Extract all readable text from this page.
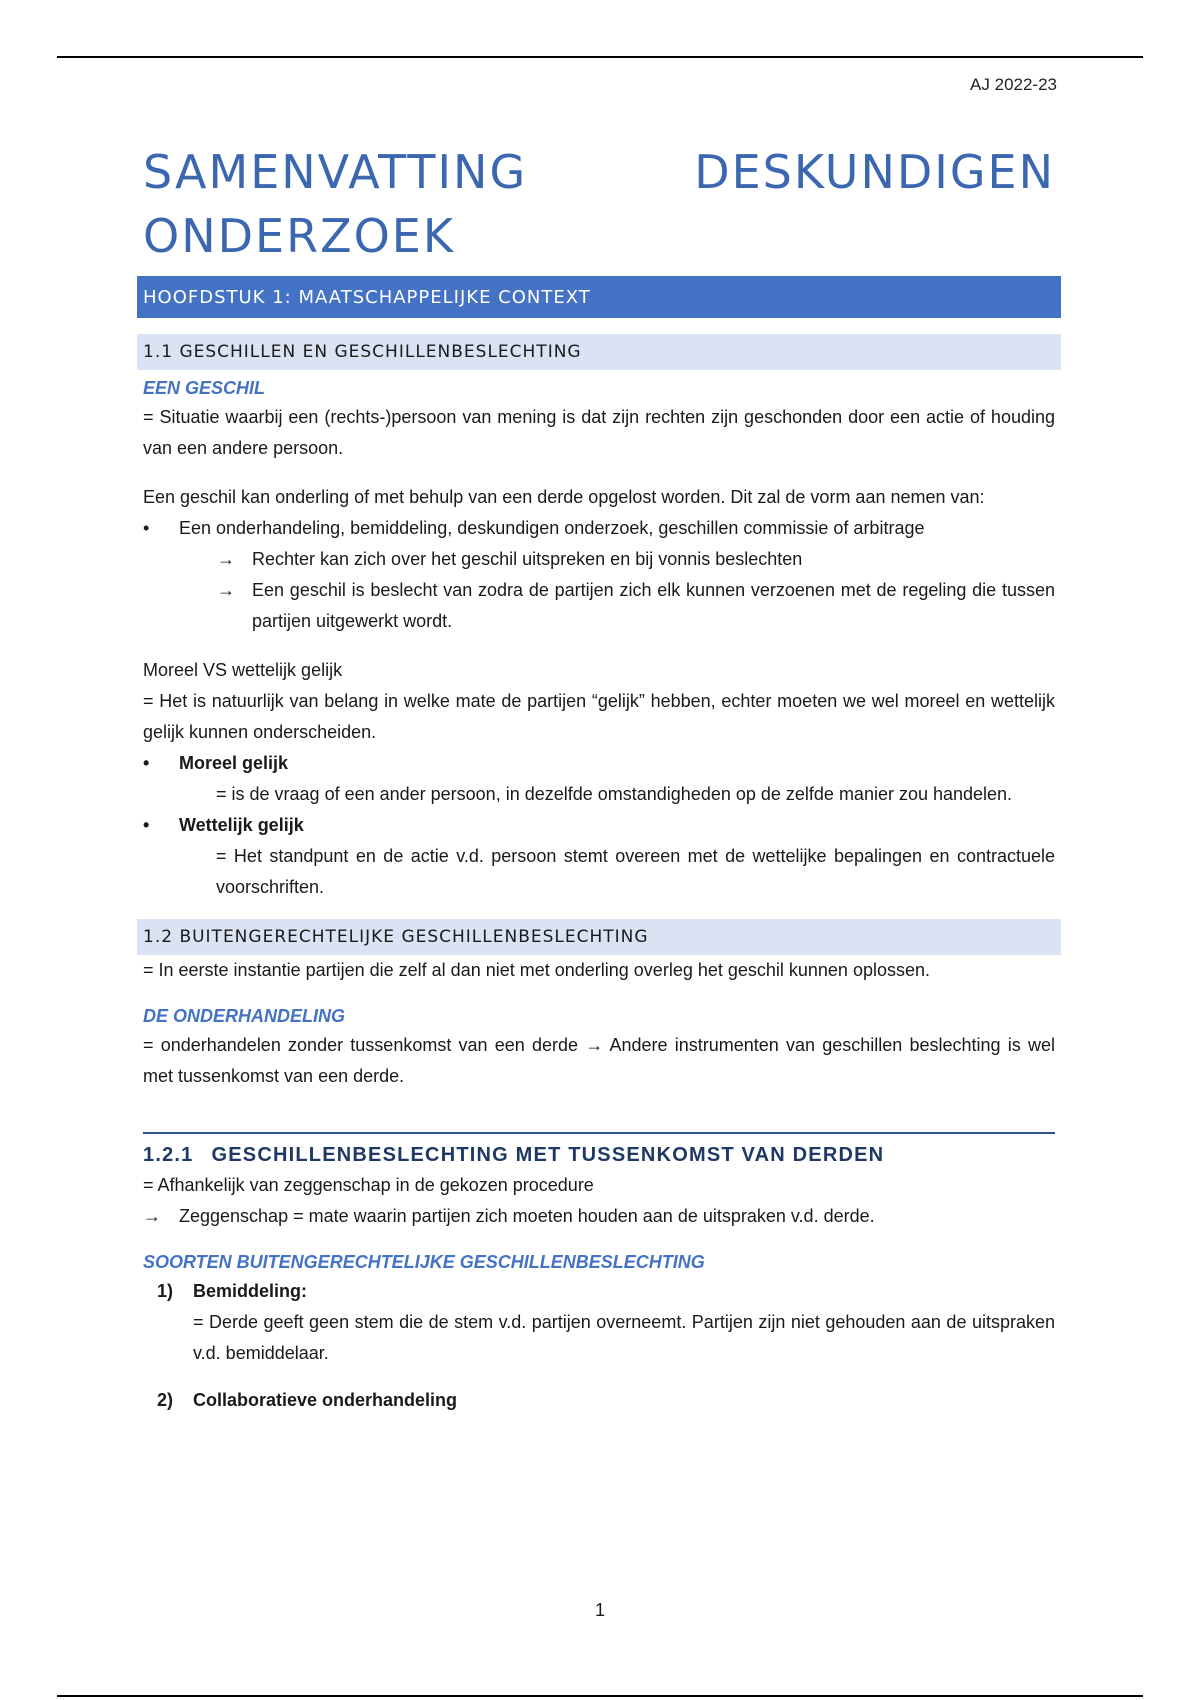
AJ 2022-23
SAMENVATTING DESKUNDIGEN ONDERZOEK
HOOFDSTUK 1: MAATSCHAPPELIJKE CONTEXT
1.1 GESCHILLEN EN GESCHILLENBESLECHTING
EEN GESCHIL

= Situatie waarbij een (rechts-)persoon van mening is dat zijn rechten zijn geschonden door een actie of houding van een andere persoon.

Een geschil kan onderling of met behulp van een derde opgelost worden. Dit zal de vorm aan nemen van:

• Een onderhandeling, bemiddeling, deskundigen onderzoek, geschillen commissie of arbitrage
→ Rechter kan zich over het geschil uitspreken en bij vonnis beslechten
→ Een geschil is beslecht van zodra de partijen zich elk kunnen verzoenen met de regeling die tussen partijen uitgewerkt wordt.

Moreel VS wettelijk gelijk

= Het is natuurlijk van belang in welke mate de partijen “gelijk” hebben, echter moeten we wel moreel en wettelijk gelijk kunnen onderscheiden.

• Moreel gelijk
= is de vraag of een ander persoon, in dezelfde omstandigheden op de zelfde manier zou handelen.
• Wettelijk gelijk
= Het standpunt en de actie v.d. persoon stemt overeen met de wettelijke bepalingen en contractuele voorschriften.
1.2 BUITENGERECHTELIJKE GESCHILLENBESLECHTING

= In eerste instantie partijen die zelf al dan niet met onderling overleg het geschil kunnen oplossen.

DE ONDERHANDELING

= onderhandelen zonder tussenkomst van een derde → Andere instrumenten van geschillen beslechting is wel met tussenkomst van een derde.

1.2.1 GESCHILLENBESLECHTING MET TUSSENKOMST VAN DERDEN

= Afhankelijk van zeggenschap in de gekozen procedure

→ Zeggenschap = mate waarin partijen zich moeten houden aan de uitspraken v.d. derde.
SOORTEN BUITENGERECHTELIJKE GESCHILLENBESLECHTING
1) Bemiddeling:
= Derde geeft geen stem die de stem v.d. partijen overneemt. Partijen zijn niet gehouden aan de uitspraken v.d. bemiddelaar.
2) Collaboratieve onderhandeling
1
